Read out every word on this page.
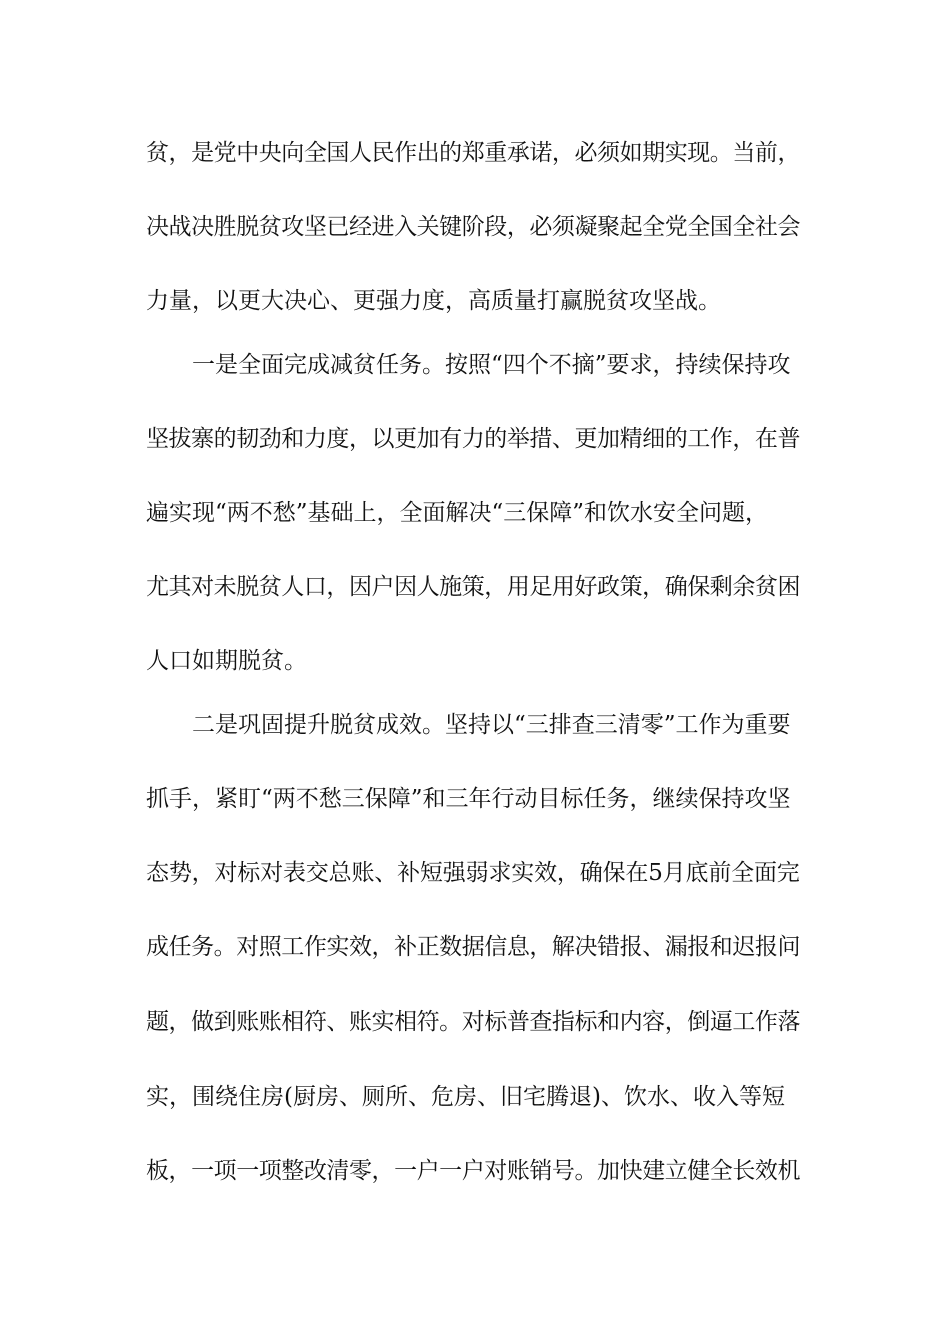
贫，是党中央向全国人民作出的郑重承诺，必须如期实现。当前，
决战决胜脱贫攻坚已经进入关键阶段，必须凝聚起全党全国全社会
力量，以更大决心、更强力度，高质量打赢脱贫攻坚战。
一是全面完成减贫任务。按照“四个不摘”要求，持续保持攻
坚拔寨的韧劲和力度，以更加有力的举措、更加精细的工作，在普
遍实现“两不愁”基础上，全面解决“三保障”和饮水安全问题，
尤其对未脱贫人口，因户因人施策，用足用好政策，确保剩余贫困
人口如期脱贫。
二是巩固提升脱贫成效。坚持以“三排查三清零”工作为重要
抓手，紧盯“两不愁三保障”和三年行动目标任务，继续保持攻坚
态势，对标对表交总账、补短强弱求实效，确保在5月底前全面完
成任务。对照工作实效，补正数据信息，解决错报、漏报和迟报问
题，做到账账相符、账实相符。对标普查指标和内容，倒逼工作落
实，围绕住房(厨房、厕所、危房、旧宅腾退)、饮水、收入等短
板，一项一项整改清零，一户一户对账销号。加快建立健全长效机
